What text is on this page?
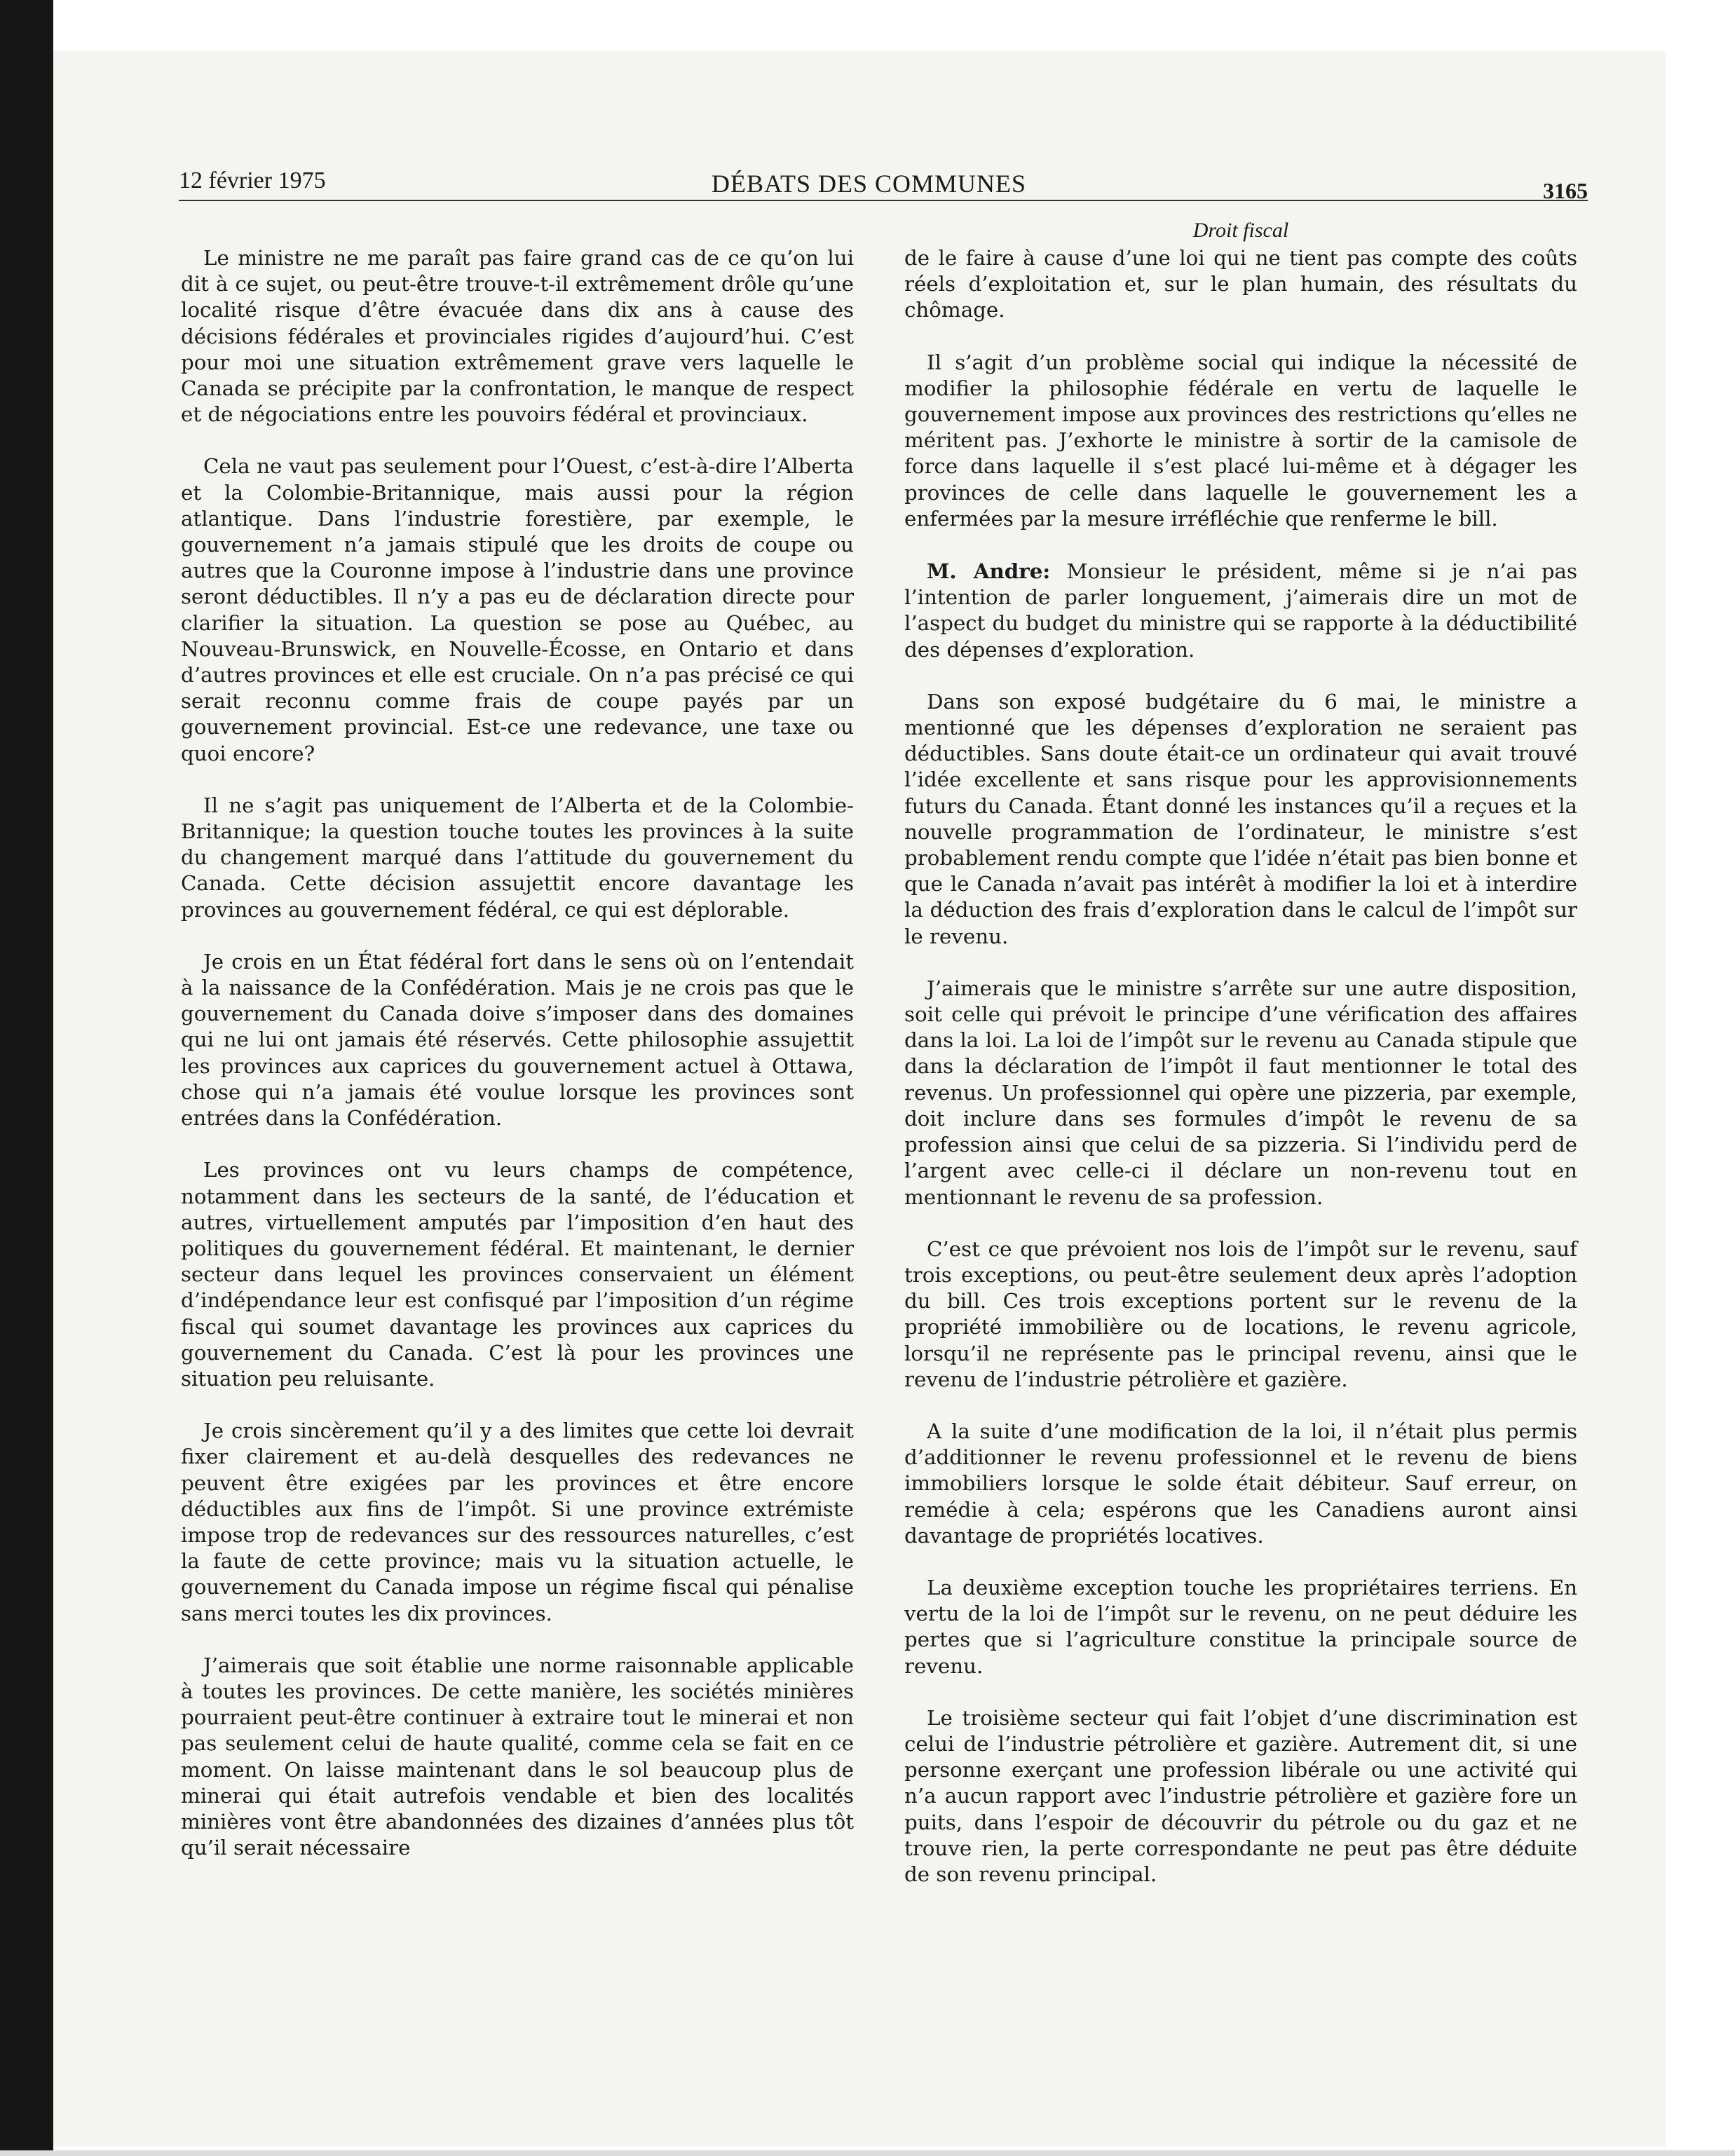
12 février 1975	DÉBATS DES COMMUNES	3165
Droit fiscal

Le ministre ne me paraît pas faire grand cas de ce qu’on lui dit à ce sujet, ou peut-être trouve-t-il extrêmement drôle qu’une localité risque d’être évacuée dans dix ans à cause des décisions fédérales et provinciales rigides d’aujourd’hui. C’est pour moi une situation extrêmement grave vers laquelle le Canada se précipite par la confrontation, le manque de respect et de négociations entre les pouvoirs fédéral et provinciaux.

Cela ne vaut pas seulement pour l’Ouest, c’est-à-dire l’Alberta et la Colombie-Britannique, mais aussi pour la région atlantique. Dans l’industrie forestière, par exemple, le gouvernement n’a jamais stipulé que les droits de coupe ou autres que la Couronne impose à l’industrie dans une province seront déductibles. Il n’y a pas eu de déclaration directe pour clarifier la situation. La question se pose au Québec, au Nouveau-Brunswick, en Nouvelle-Écosse, en Ontario et dans d’autres provinces et elle est cruciale. On n’a pas précisé ce qui serait reconnu comme frais de coupe payés par un gouvernement provincial. Est-ce une redevance, une taxe ou quoi encore?

Il ne s’agit pas uniquement de l’Alberta et de la Colombie-Britannique; la question touche toutes les provinces à la suite du changement marqué dans l’attitude du gouvernement du Canada. Cette décision assujettit encore davantage les provinces au gouvernement fédéral, ce qui est déplorable.

Je crois en un État fédéral fort dans le sens où on l’entendait à la naissance de la Confédération. Mais je ne crois pas que le gouvernement du Canada doive s’imposer dans des domaines qui ne lui ont jamais été réservés. Cette philosophie assujettit les provinces aux caprices du gouvernement actuel à Ottawa, chose qui n’a jamais été voulue lorsque les provinces sont entrées dans la Confédération.

Les provinces ont vu leurs champs de compétence, notamment dans les secteurs de la santé, de l’éducation et autres, virtuellement amputés par l’imposition d’en haut des politiques du gouvernement fédéral. Et maintenant, le dernier secteur dans lequel les provinces conservaient un élément d’indépendance leur est confisqué par l’imposition d’un régime fiscal qui soumet davantage les provinces aux caprices du gouvernement du Canada. C’est là pour les provinces une situation peu reluisante.

Je crois sincèrement qu’il y a des limites que cette loi devrait fixer clairement et au-delà desquelles des redevances ne peuvent être exigées par les provinces et être encore déductibles aux fins de l’impôt. Si une province extrémiste impose trop de redevances sur des ressources naturelles, c’est la faute de cette province; mais vu la situation actuelle, le gouvernement du Canada impose un régime fiscal qui pénalise sans merci toutes les dix provinces.

J’aimerais que soit établie une norme raisonnable applicable à toutes les provinces. De cette manière, les sociétés minières pourraient peut-être continuer à extraire tout le minerai et non pas seulement celui de haute qualité, comme cela se fait en ce moment. On laisse maintenant dans le sol beaucoup plus de minerai qui était autrefois vendable et bien des localités minières vont être abandonnées des dizaines d’années plus tôt qu’il serait nécessaire

de le faire à cause d’une loi qui ne tient pas compte des coûts réels d’exploitation et, sur le plan humain, des résultats du chômage.

Il s’agit d’un problème social qui indique la nécessité de modifier la philosophie fédérale en vertu de laquelle le gouvernement impose aux provinces des restrictions qu’elles ne méritent pas. J’exhorte le ministre à sortir de la camisole de force dans laquelle il s’est placé lui-même et à dégager les provinces de celle dans laquelle le gouvernement les a enfermées par la mesure irréfléchie que renferme le bill.

M. Andre: Monsieur le président, même si je n’ai pas l’intention de parler longuement, j’aimerais dire un mot de l’aspect du budget du ministre qui se rapporte à la déductibilité des dépenses d’exploration.

Dans son exposé budgétaire du 6 mai, le ministre a mentionné que les dépenses d’exploration ne seraient pas déductibles. Sans doute était-ce un ordinateur qui avait trouvé l’idée excellente et sans risque pour les approvisionnements futurs du Canada. Étant donné les instances qu’il a reçues et la nouvelle programmation de l’ordinateur, le ministre s’est probablement rendu compte que l’idée n’était pas bien bonne et que le Canada n’avait pas intérêt à modifier la loi et à interdire la déduction des frais d’exploration dans le calcul de l’impôt sur le revenu.

J’aimerais que le ministre s’arrête sur une autre disposition, soit celle qui prévoit le principe d’une vérification des affaires dans la loi. La loi de l’impôt sur le revenu au Canada stipule que dans la déclaration de l’impôt il faut mentionner le total des revenus. Un professionnel qui opère une pizzeria, par exemple, doit inclure dans ses formules d’impôt le revenu de sa profession ainsi que celui de sa pizzeria. Si l’individu perd de l’argent avec celle-ci il déclare un non-revenu tout en mentionnant le revenu de sa profession.

C’est ce que prévoient nos lois de l’impôt sur le revenu, sauf trois exceptions, ou peut-être seulement deux après l’adoption du bill. Ces trois exceptions portent sur le revenu de la propriété immobilière ou de locations, le revenu agricole, lorsqu’il ne représente pas le principal revenu, ainsi que le revenu de l’industrie pétrolière et gazière.

A la suite d’une modification de la loi, il n’était plus permis d’additionner le revenu professionnel et le revenu de biens immobiliers lorsque le solde était débiteur. Sauf erreur, on remédie à cela; espérons que les Canadiens auront ainsi davantage de propriétés locatives.

La deuxième exception touche les propriétaires terriens. En vertu de la loi de l’impôt sur le revenu, on ne peut déduire les pertes que si l’agriculture constitue la principale source de revenu.

Le troisième secteur qui fait l’objet d’une discrimination est celui de l’industrie pétrolière et gazière. Autrement dit, si une personne exerçant une profession libérale ou une activité qui n’a aucun rapport avec l’industrie pétrolière et gazière fore un puits, dans l’espoir de découvrir du pétrole ou du gaz et ne trouve rien, la perte correspondante ne peut pas être déduite de son revenu principal.
